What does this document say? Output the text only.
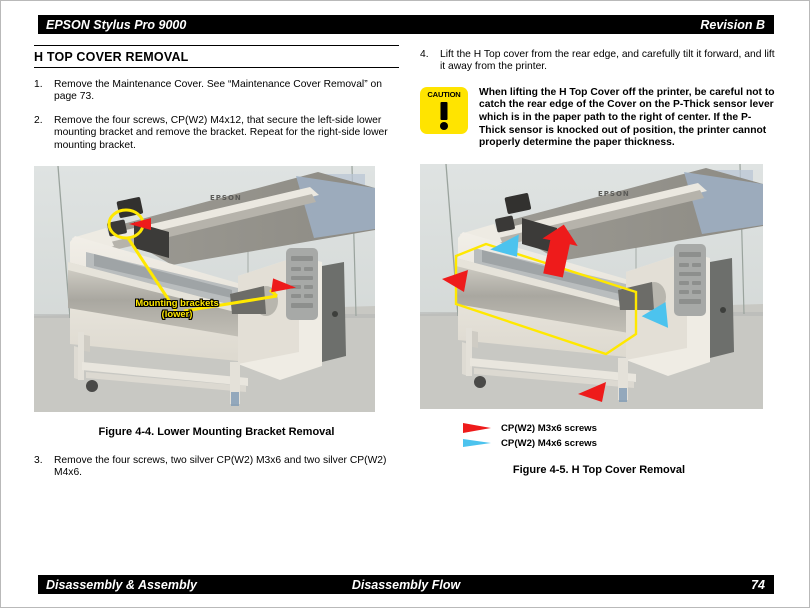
EPSON Stylus Pro 9000	Revision B
H TOP COVER REMOVAL
1.	Remove the Maintenance Cover. See “Maintenance Cover Removal” on page 73.
2.	Remove the four screws, CP(W2) M4x12, that secure the left-side lower mounting bracket and remove the bracket. Repeat for the right-side lower mounting bracket.
EPSON
Mounting brackets
(lower)
Figure 4-4. Lower Mounting Bracket Removal
3.	Remove the four screws, two silver CP(W2) M3x6 and two silver CP(W2) M4x6.
4.	Lift the H Top cover from the rear edge, and carefully tilt it forward, and lift it away from the printer.
CAUTION	When lifting the H Top Cover off the printer, be careful not to catch the rear edge of the Cover on the P-Thick sensor lever which is in the paper path to the right of center. If the P-Thick sensor is knocked out of position, the printer cannot properly determine the paper thickness.
EPSON
CP(W2) M3x6 screws
CP(W2) M4x6 screws
Figure 4-5. H Top Cover Removal
Disassembly & Assembly	Disassembly Flow	74
